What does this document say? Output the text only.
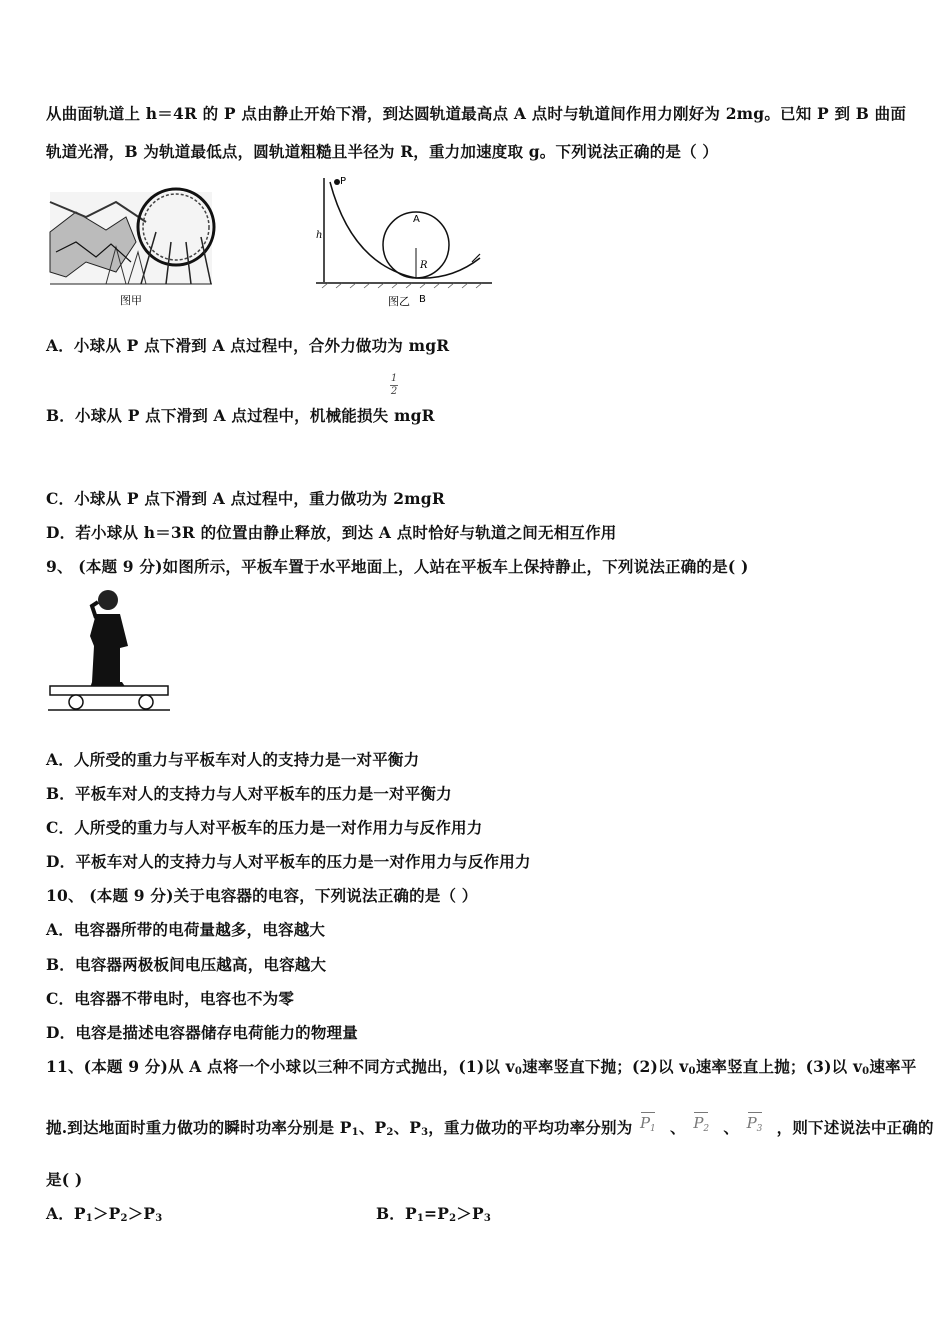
从曲面轨道上 h＝4R 的 P 点由静止开始下滑，到达圆轨道最高点 A 点时与轨道间作用力刚好为 2mg。已知 P 到 B 曲面
轨道光滑，B 为轨道最低点，圆轨道粗糙且半径为 R，重力加速度取 g。下列说法正确的是（ ）
图甲
P
h
A
R
图乙 B
A．小球从 P 点下滑到 A 点过程中，合外力做功为 mgR
1
2
B．小球从 P 点下滑到 A 点过程中，机械能损失 mgR
C．小球从 P 点下滑到 A 点过程中，重力做功为 2mgR
D．若小球从 h＝3R 的位置由静止释放，到达 A 点时恰好与轨道之间无相互作用
9、 (本题 9 分)如图所示，平板车置于水平地面上，人站在平板车上保持静止，下列说法正确的是( )
A．人所受的重力与平板车对人的支持力是一对平衡力
B．平板车对人的支持力与人对平板车的压力是一对平衡力
C．人所受的重力与人对平板车的压力是一对作用力与反作用力
D．平板车对人的支持力与人对平板车的压力是一对作用力与反作用力
10、 (本题 9 分)关于电容器的电容，下列说法正确的是（ ）
A．电容器所带的电荷量越多，电容越大
B．电容器两极板间电压越高，电容越大
C．电容器不带电时，电容也不为零
D．电容是描述电容器储存电荷能力的物理量
11、(本题 9 分)从 A 点将一个小球以三种不同方式抛出，(1)以 $v_0$速率竖直下抛；(2)以 $v_0$速率竖直上抛；(3)以 $v_0$速率平
抛.到达地面时重力做功的瞬时功率分别是 $P_1$、$P_2$、$P_3$，重力做功的平均功率分别为 P 1 、 P 2 、 P 3 ，则下述说法中正确的
是( )
A．$P_1>P_2>P_3$	B．$P_1=P_2>P_3$
